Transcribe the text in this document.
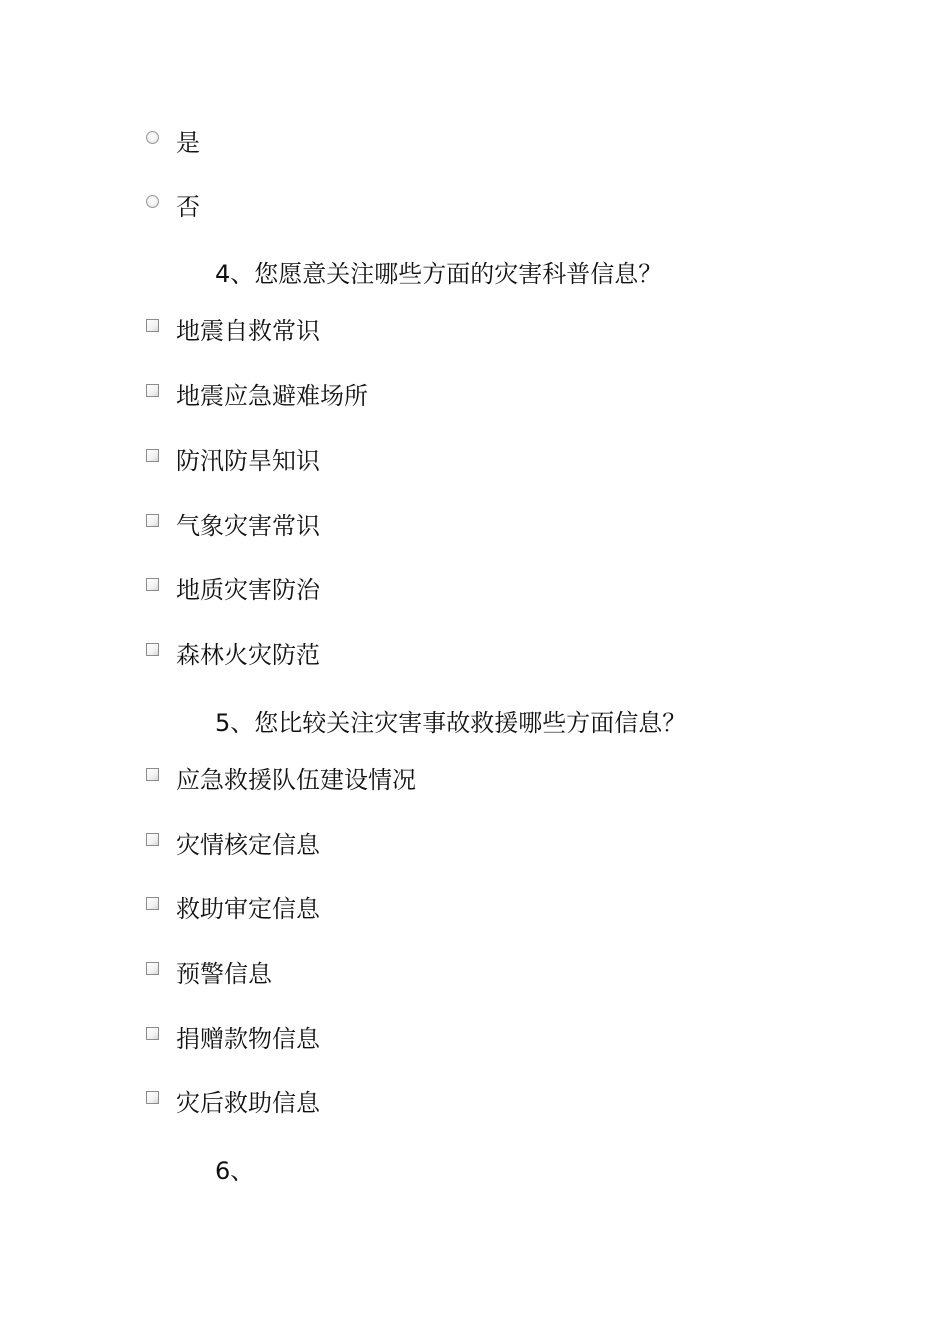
是
否
4、您愿意关注哪些方面的灾害科普信息？
地震自救常识
地震应急避难场所
防汛防旱知识
气象灾害常识
地质灾害防治
森林火灾防范
5、您比较关注灾害事故救援哪些方面信息？
应急救援队伍建设情况
灾情核定信息
救助审定信息
预警信息
捐赠款物信息
灾后救助信息
6、
